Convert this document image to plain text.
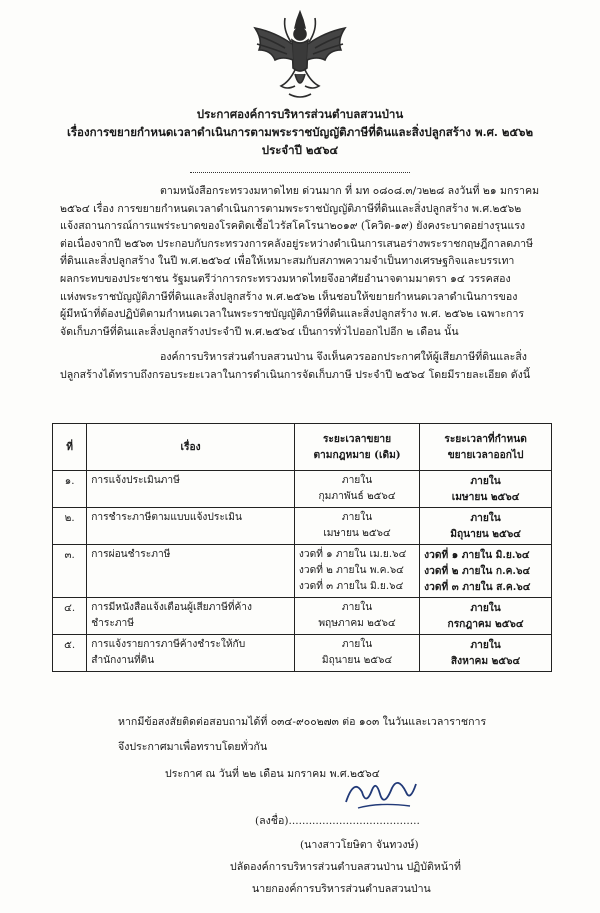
ประกาศองค์การบริหารส่วนตำบลสวนป่าน
เรื่องการขยายกำหนดเวลาดำเนินการตามพระราชบัญญัติภาษีที่ดินและสิ่งปลูกสร้าง พ.ศ. ๒๕๖๒
ประจำปี ๒๕๖๔

ตามหนังสือกระทรวงมหาดไทย ด่วนมาก ที่ มท ๐๘๐๘.๓/ว๒๒๘ ลงวันที่ ๒๑ มกราคม

๒๕๖๔ เรื่อง การขยายกำหนดเวลาดำเนินการตามพระราชบัญญัติภาษีที่ดินและสิ่งปลูกสร้าง พ.ศ.๒๕๖๒

แจ้งสถานการณ์การแพร่ระบาดของโรคติดเชื้อไวรัสโคโรนา๒๐๑๙ (โควิด-๑๙) ยังคงระบาดอย่างรุนแรง

ต่อเนื่องจากปี ๒๕๖๓ ประกอบกับกระทรวงการคลังอยู่ระหว่างดำเนินการเสนอร่างพระราชกฤษฎีกาลดภาษี

ที่ดินและสิ่งปลูกสร้าง ในปี พ.ศ.๒๕๖๔ เพื่อให้เหมาะสมกับสภาพความจำเป็นทางเศรษฐกิจและบรรเทา

ผลกระทบของประชาชน รัฐมนตรีว่าการกระทรวงมหาดไทยจึงอาศัยอำนาจตามมาตรา ๑๔ วรรคสอง

แห่งพระราชบัญญัติภาษีที่ดินและสิ่งปลูกสร้าง พ.ศ.๒๕๖๒ เห็นชอบให้ขยายกำหนดเวลาดำเนินการของ

ผู้มีหน้าที่ต้องปฏิบัติตามกำหนดเวลาในพระราชบัญญัติภาษีที่ดินและสิ่งปลูกสร้าง พ.ศ. ๒๕๖๒ เฉพาะการ

จัดเก็บภาษีที่ดินและสิ่งปลูกสร้างประจำปี พ.ศ.๒๕๖๔ เป็นการทั่วไปออกไปอีก ๒ เดือน นั้น

องค์การบริหารส่วนตำบลสวนป่าน จึงเห็นควรออกประกาศให้ผู้เสียภาษีที่ดินและสิ่ง

ปลูกสร้างได้ทราบถึงกรอบระยะเวลาในการดำเนินการจัดเก็บภาษี ประจำปี ๒๕๖๔ โดยมีรายละเอียด ดังนี้

ที่	เรื่อง	ระยะเวลาขยาย
ตามกฎหมาย (เดิม)	ระยะเวลาที่กำหนด
ขยายเวลาออกไป

๑.	การแจ้งประเมินภาษี	ภายใน
กุมภาพันธ์ ๒๕๖๔	ภายใน
เมษายน ๒๕๖๔

๒.	การชำระภาษีตามแบบแจ้งประเมิน	ภายใน
เมษายน ๒๕๖๔	ภายใน
มิถุนายน ๒๕๖๔

๓.	การผ่อนชำระภาษี	งวดที่ ๑ ภายใน เม.ย.๖๔
งวดที่ ๒ ภายใน พ.ค.๖๔
งวดที่ ๓ ภายใน มิ.ย.๖๔	งวดที่ ๑ ภายใน มิ.ย.๖๔
งวดที่ ๒ ภายใน ก.ค.๖๔
งวดที่ ๓ ภายใน ส.ค.๖๔

๔.	การมีหนังสือแจ้งเตือนผู้เสียภาษีที่ค้าง
ชำระภาษี	ภายใน
พฤษภาคม ๒๕๖๔	ภายใน
กรกฎาคม ๒๕๖๔

๕.	การแจ้งรายการภาษีค้างชำระให้กับ
สำนักงานที่ดิน	ภายใน
มิถุนายน ๒๕๖๔	ภายใน
สิงหาคม ๒๕๖๔
หากมีข้อสงสัยติดต่อสอบถามได้ที่ ๐๓๔-๙๐๐๒๗๓ ต่อ ๑๐๓ ในวันและเวลาราชการ
จึงประกาศมาเพื่อทราบโดยทั่วกัน
ประกาศ ณ วันที่ ๒๒ เดือน มกราคม พ.ศ.๒๕๖๔
(ลงชื่อ).......................................
(นางสาวโยษิตา จันทวงษ์)
ปลัดองค์การบริหารส่วนตำบลสวนป่าน ปฏิบัติหน้าที่
นายกองค์การบริหารส่วนตำบลสวนป่าน
